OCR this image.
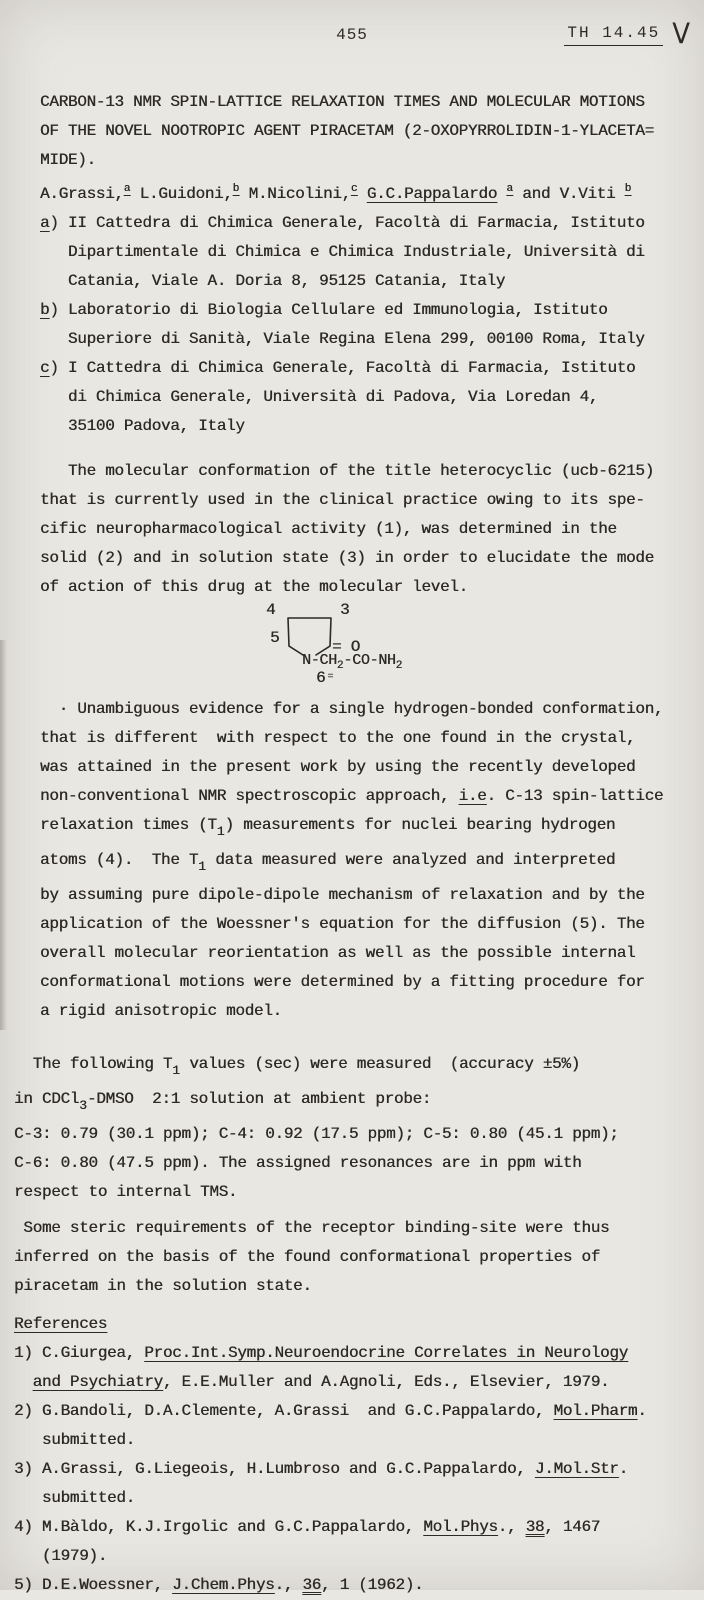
455	TH 14.45 V
CARBON-13 NMR SPIN-LATTICE RELAXATION TIMES AND MOLECULAR MOTIONS
OF THE NOVEL NOOTROPIC AGENT PIRACETAM (2-OXOPYRROLIDIN-1-YLACETA=
MIDE).
A.Grassi,$^a$ L.Guidoni,$^b$ M.Nicolini,$^c$ G.C.Pappalardo $^a$ and V.Viti $^b$
a) II Cattedra di Chimica Generale, Facoltà di Farmacia, Istituto
Dipartimentale di Chimica e Chimica Industriale, Università di
Catania, Viale A. Doria 8, 95125 Catania, Italy
b) Laboratorio di Biologia Cellulare ed Immunologia, Istituto
Superiore di Sanità, Viale Regina Elena 299, 00100 Roma, Italy
c) I Cattedra di Chimica Generale, Facoltà di Farmacia, Istituto
di Chimica Generale, Università di Padova, Via Loredan 4,
35100 Padova, Italy
The molecular conformation of the title heterocyclic (ucb-6215)
that is currently used in the clinical practice owing to its spe-
cific neuropharmacological activity (1), was determined in the
solid (2) and in solution state (3) in order to elucidate the mode
of action of this drug at the molecular level.
4	3
5	= O
$N-CH_2-CO-NH_2$
6 =
· Unambiguous evidence for a single hydrogen-bonded conformation,
that is different  with respect to the one found in the crystal,
was attained in the present work by using the recently developed
non-conventional NMR spectroscopic approach, i.e. C-13 spin-lattice
relaxation times $(T_1)$ measurements for nuclei bearing hydrogen
atoms (4).  The $T_1$ data measured were analyzed and interpreted
by assuming pure dipole-dipole mechanism of relaxation and by the
application of the Woessner's equation for the diffusion (5). The
overall molecular reorientation as well as the possible internal
conformational motions were determined by a fitting procedure for
a rigid anisotropic model.
The following $T_1$ values (sec) were measured  (accuracy ±5%)
in CDCl$_3$-DMSO  2:1 solution at ambient probe:
C-3: 0.79 (30.1 ppm); C-4: 0.92 (17.5 ppm); C-5: 0.80 (45.1 ppm);
C-6: 0.80 (47.5 ppm). The assigned resonances are in ppm with
respect to internal TMS.
Some steric requirements of the receptor binding-site were thus
inferred on the basis of the found conformational properties of
piracetam in the solution state.
References
1) C.Giurgea, Proc.Int.Symp.Neuroendocrine Correlates in Neurology
and Psychiatry, E.E.Muller and A.Agnoli, Eds., Elsevier, 1979.
2) G.Bandoli, D.A.Clemente, A.Grassi  and G.C.Pappalardo, Mol.Pharm.
submitted.
3) A.Grassi, G.Liegeois, H.Lumbroso and G.C.Pappalardo, J.Mol.Str.
submitted.
4) M.Bàldo, K.J.Irgolic and G.C.Pappalardo, Mol.Phys., 38, 1467
(1979).
5) D.E.Woessner, J.Chem.Phys., 36, 1 (1962).
